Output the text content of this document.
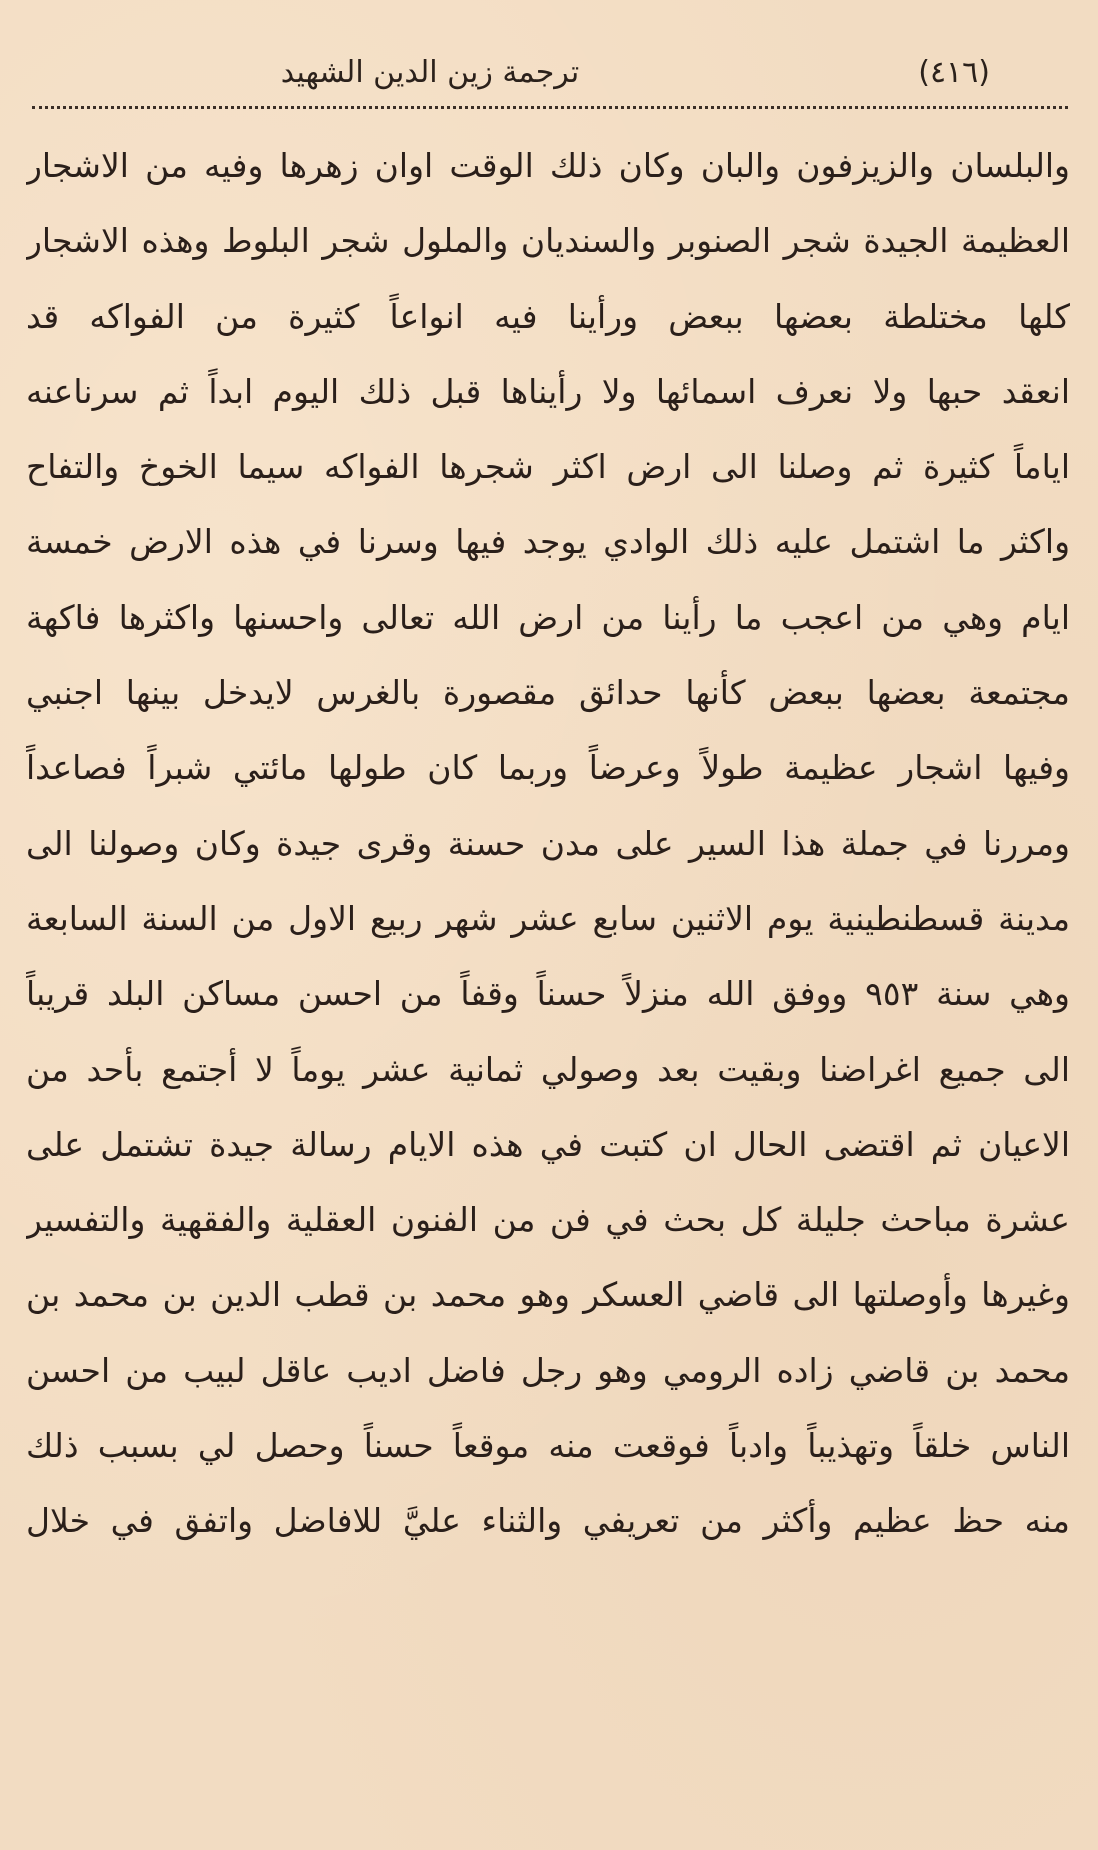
(٤١٦)
ترجمة زين الدين الشهيد
والبلسان والزيزفون والبان وكان ذلك الوقت اوان زهرها وفيه من الاشجار
العظيمة الجيدة شجر الصنوبر والسنديان والملول شجر البلوط وهذه الاشجار
كلها مختلطة بعضها ببعض ورأينا فيه انواعاً كثيرة من الفواكه قد
انعقد حبها ولا نعرف اسمائها ولا رأيناها قبل ذلك اليوم ابداً ثم سرناعنه
اياماً كثيرة ثم وصلنا الى ارض اكثر شجرها الفواكه سيما الخوخ والتفاح
واكثر ما اشتمل عليه ذلك الوادي يوجد فيها وسرنا في هذه الارض خمسة
ايام وهي من اعجب ما رأينا من ارض الله تعالى واحسنها واكثرها فاكهة
مجتمعة بعضها ببعض كأنها حدائق مقصورة بالغرس لايدخل بينها اجنبي
وفيها اشجار عظيمة طولاً وعرضاً وربما كان طولها مائتي شبراً فصاعداً
ومررنا في جملة هذا السير على مدن حسنة وقرى جيدة وكان وصولنا الى
مدينة قسطنطينية يوم الاثنين سابع عشر شهر ربيع الاول من السنة السابعة
وهي سنة ٩٥٣ ووفق الله منزلاً حسناً وقفاً من احسن مساكن البلد قريباً
الى جميع اغراضنا وبقيت بعد وصولي ثمانية عشر يوماً لا أجتمع بأحد من
الاعيان ثم اقتضى الحال ان كتبت في هذه الايام رسالة جيدة تشتمل على
عشرة مباحث جليلة كل بحث في فن من الفنون العقلية والفقهية والتفسير
وغيرها وأوصلتها الى قاضي العسكر وهو محمد بن قطب الدين بن محمد بن
محمد بن قاضي زاده الرومي وهو رجل فاضل اديب عاقل لبيب من احسن
الناس خلقاً وتهذيباً وادباً فوقعت منه موقعاً حسناً وحصل لي بسبب ذلك
منه حظ عظيم وأكثر من تعريفي والثناء عليَّ للافاضل واتفق في خلال
